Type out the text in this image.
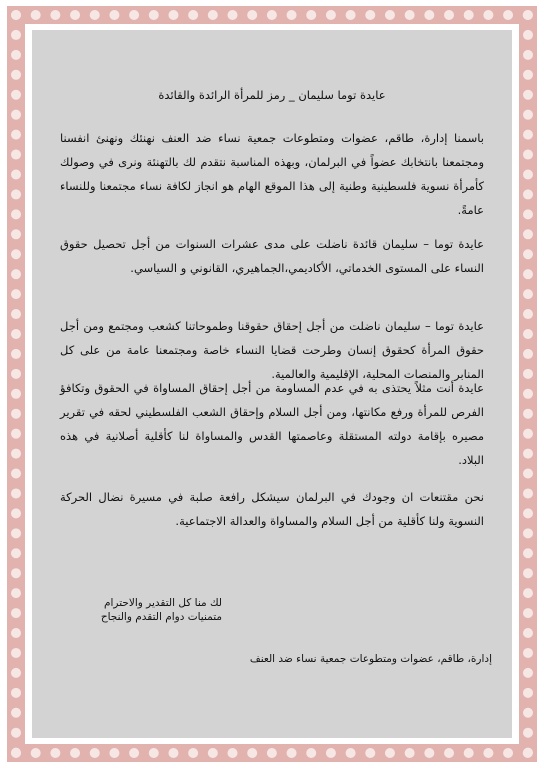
عايدة توما سليمان _ رمز للمرأة الرائدة والقائدة
باسمنا إدارة، طاقم، عضوات ومتطوعات جمعية نساء ضد العنف نهنئك ونهنئ انفسنا ومجتمعنا بانتخابك عضواً في البرلمان، وبهذه المناسبة نتقدم لك بالتهنئة ونرى في وصولك كأمرأة نسوية فلسطينية وطنية إلى هذا الموقع الهام هو انجاز لكافة نساء مجتمعنا وللنساء عامةً.
عايدة توما – سليمان قائدة ناضلت على مدى عشرات السنوات من أجل تحصيل حقوق النساء على المستوى الخدماتي، الأكاديمي،الجماهيري، القانوني و السياسي.
عايدة توما – سليمان ناضلت من أجل إحقاق حقوقنا وطموحاتنا كشعب ومجتمع ومن أجل حقوق المرأة كحقوق إنسان وطرحت قضايا النساء خاصة ومجتمعنا عامة من على كل المنابر والمنصات المحلية، الإقليمية والعالمية.
عايدة أنت مثلاً يحتذى به في عدم المساومة من أجل إحقاق المساواة في الحقوق وتكافؤ الفرص للمرأة ورفع مكانتها، ومن أجل السلام وإحقاق الشعب الفلسطيني لحقه في تقرير مصيره بإقامة دولته المستقلة وعاصمتها القدس والمساواة لنا كأقلية أصلانية في هذه البلاد.
نحن مقتنعات ان وجودك في البرلمان سيشكل رافعة صلبة في مسيرة نضال الحركة النسوية ولنا كأقلية من أجل السلام والمساواة والعدالة الاجتماعية.
لك منا كل التقدير والاحترام
متمنيات دوام التقدم والنجاح
إدارة، طاقم، عضوات ومتطوعات جمعية نساء ضد العنف
